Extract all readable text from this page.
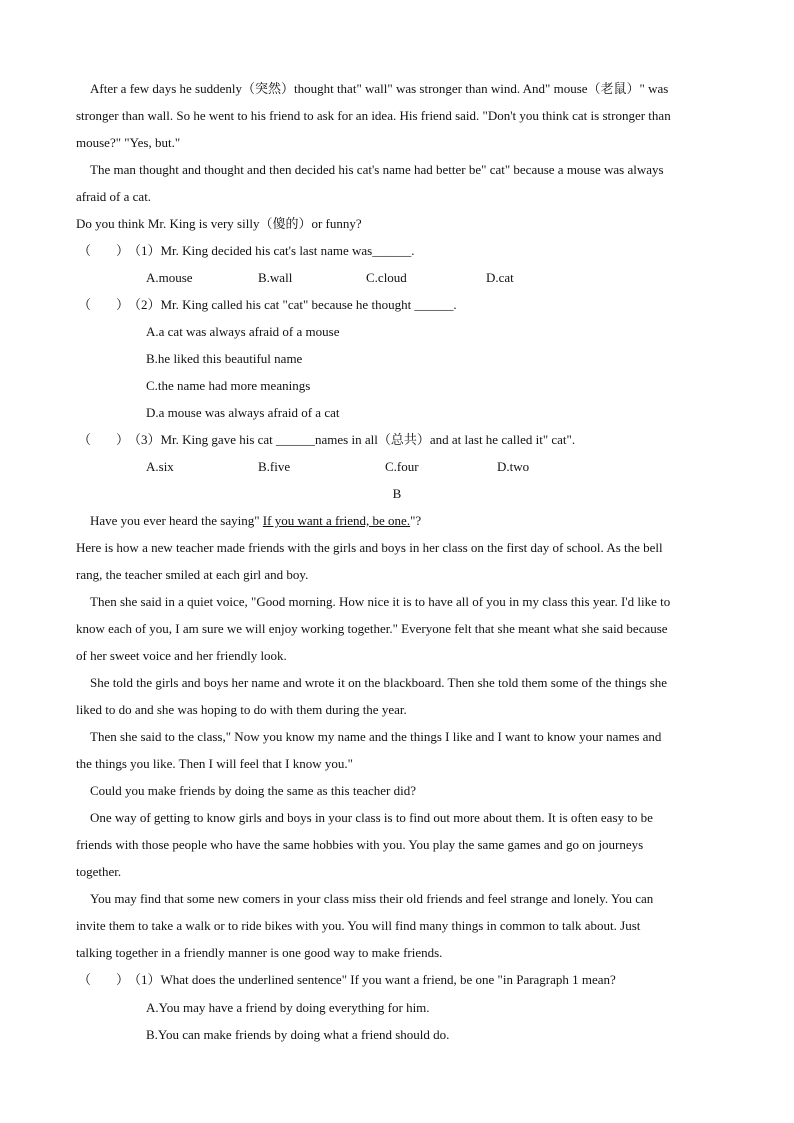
After a few days he suddenly（突然）thought that" wall" was stronger than wind. And" mouse（老鼠）" was
stronger than wall. So he went to his friend to ask for an idea. His friend said. "Don't you think cat is stronger than
mouse?" "Yes, but."
The man thought and thought and then decided his cat's name had better be" cat" because a mouse was always
afraid of a cat.
Do you think Mr. King is very silly（傻的）or funny?
（ ）（1）Mr. King decided his cat's last name was______.
A.mouse	B.wall	C.cloud	D.cat
（ ）（2）Mr. King called his cat "cat" because he thought ______.
A.a cat was always afraid of a mouse
B.he liked this beautiful name
C.the name had more meanings
D.a mouse was always afraid of a cat
（ ）（3）Mr. King gave his cat ______names in all（总共）and at last he called it" cat".
A.six	B.five	C.four	D.two
B
Have you ever heard the saying" If you want a friend, be one."?
Here is how a new teacher made friends with the girls and boys in her class on the first day of school. As the bell
rang, the teacher smiled at each girl and boy.
Then she said in a quiet voice, "Good morning. How nice it is to have all of you in my class this year. I'd like to
know each of you, I am sure we will enjoy working together." Everyone felt that she meant what she said because
of her sweet voice and her friendly look.
She told the girls and boys her name and wrote it on the blackboard. Then she told them some of the things she
liked to do and she was hoping to do with them during the year.
Then she said to the class," Now you know my name and the things I like and I want to know your names and
the things you like. Then I will feel that I know you."
Could you make friends by doing the same as this teacher did?
One way of getting to know girls and boys in your class is to find out more about them. It is often easy to be
friends with those people who have the same hobbies with you. You play the same games and go on journeys
together.
You may find that some new comers in your class miss their old friends and feel strange and lonely. You can
invite them to take a walk or to ride bikes with you. You will find many things in common to talk about. Just
talking together in a friendly manner is one good way to make friends.
（ ）（1）What does the underlined sentence" If you want a friend, be one "in Paragraph 1 mean?
A.You may have a friend by doing everything for him.
B.You can make friends by doing what a friend should do.
